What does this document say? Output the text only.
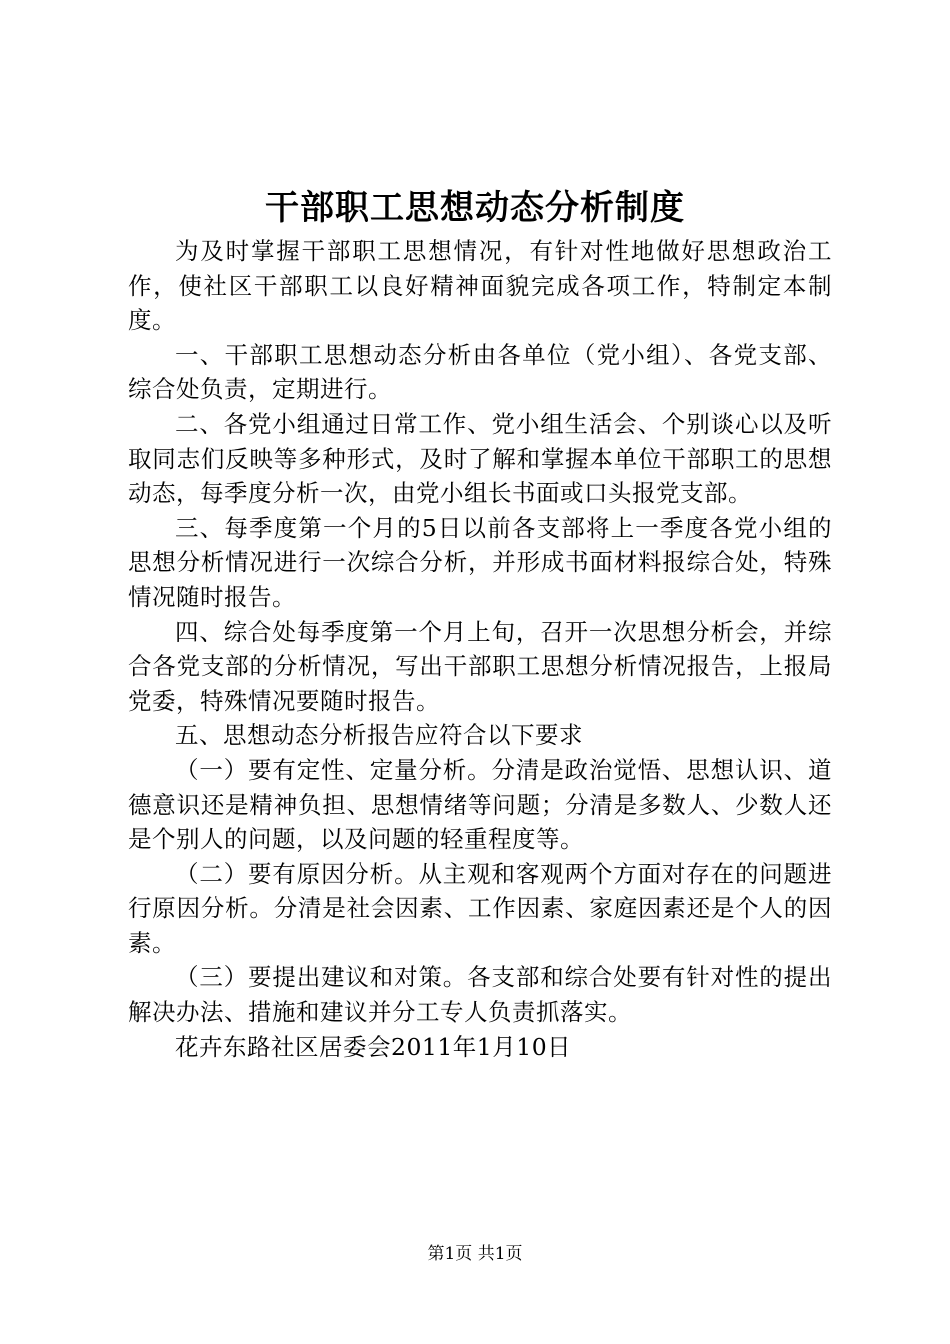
干部职工思想动态分析制度

为及时掌握干部职工思想情况，有针对性地做好思想政治工作，使社区干部职工以良好精神面貌完成各项工作，特制定本制度。

一、干部职工思想动态分析由各单位（党小组）、各党支部、综合处负责，定期进行。

二、各党小组通过日常工作、党小组生活会、个别谈心以及听取同志们反映等多种形式，及时了解和掌握本单位干部职工的思想动态，每季度分析一次，由党小组长书面或口头报党支部。

三、每季度第一个月的5日以前各支部将上一季度各党小组的思想分析情况进行一次综合分析，并形成书面材料报综合处，特殊情况随时报告。

四、综合处每季度第一个月上旬，召开一次思想分析会，并综合各党支部的分析情况，写出干部职工思想分析情况报告，上报局党委，特殊情况要随时报告。

五、思想动态分析报告应符合以下要求

（一）要有定性、定量分析。分清是政治觉悟、思想认识、道德意识还是精神负担、思想情绪等问题；分清是多数人、少数人还是个别人的问题，以及问题的轻重程度等。

（二）要有原因分析。从主观和客观两个方面对存在的问题进行原因分析。分清是社会因素、工作因素、家庭因素还是个人的因素。

（三）要提出建议和对策。各支部和综合处要有针对性的提出解决办法、措施和建议并分工专人负责抓落实。

花卉东路社区居委会2011年1月10日

第1页 共1页
